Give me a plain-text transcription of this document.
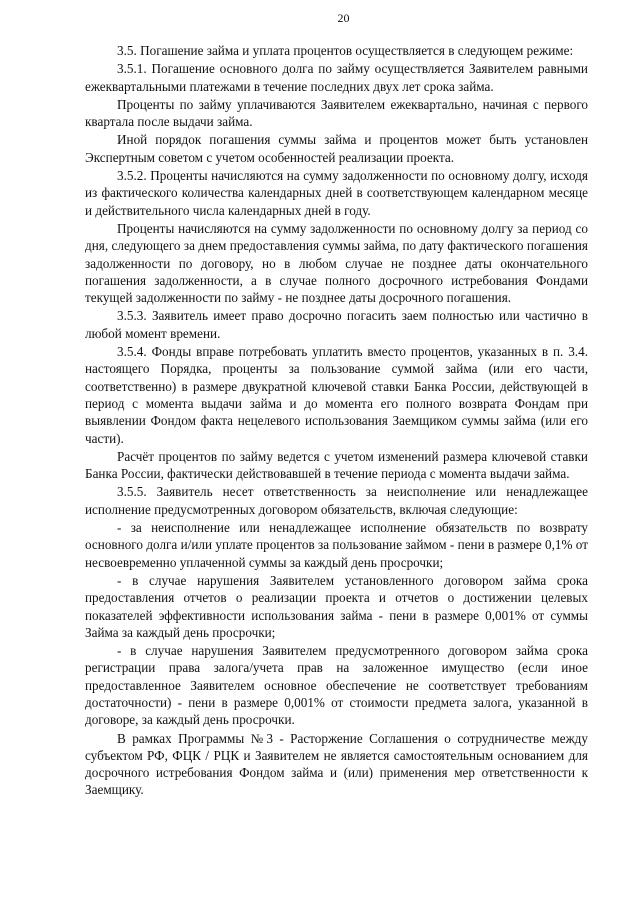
20

3.5. Погашение займа и уплата процентов осуществляется в следующем режиме:

3.5.1. Погашение основного долга по займу осуществляется Заявителем равными ежеквартальными платежами в течение последних двух лет срока займа.

Проценты по займу уплачиваются Заявителем ежеквартально, начиная с первого квартала после выдачи займа.

Иной порядок погашения суммы займа и процентов может быть установлен Экспертным советом с учетом особенностей реализации проекта.

3.5.2. Проценты начисляются на сумму задолженности по основному долгу, исходя из фактического количества календарных дней в соответствующем календарном месяце и действительного числа календарных дней в году.

Проценты начисляются на сумму задолженности по основному долгу за период со дня, следующего за днем предоставления суммы займа, по дату фактического погашения задолженности по договору, но в любом случае не позднее даты окончательного погашения задолженности, а в случае полного досрочного истребования Фондами текущей задолженности по займу - не позднее даты досрочного погашения.

3.5.3. Заявитель имеет право досрочно погасить заем полностью или частично в любой момент времени.

3.5.4. Фонды вправе потребовать уплатить вместо процентов, указанных в п. 3.4. настоящего Порядка, проценты за пользование суммой займа (или его части, соответственно) в размере двукратной ключевой ставки Банка России, действующей в период с момента выдачи займа и до момента его полного возврата Фондам при выявлении Фондом факта нецелевого использования Заемщиком суммы займа (или его части).

Расчёт процентов по займу ведется с учетом изменений размера ключевой ставки Банка России, фактически действовавшей в течение периода с момента выдачи займа.

3.5.5. Заявитель несет ответственность за неисполнение или ненадлежащее исполнение предусмотренных договором обязательств, включая следующие:

- за неисполнение или ненадлежащее исполнение обязательств по возврату основного долга и/или уплате процентов за пользование займом - пени в размере 0,1% от несвоевременно уплаченной суммы за каждый день просрочки;

- в случае нарушения Заявителем установленного договором займа срока предоставления отчетов о реализации проекта и отчетов о достижении целевых показателей эффективности использования займа - пени в размере 0,001% от суммы Займа за каждый день просрочки;

- в случае нарушения Заявителем предусмотренного договором займа срока регистрации права залога/учета прав на заложенное имущество (если иное предоставленное Заявителем основное обеспечение не соответствует требованиям достаточности) - пени в размере 0,001% от стоимости предмета залога, указанной в договоре, за каждый день просрочки.

В рамках Программы №3 - Расторжение Соглашения о сотрудничестве между субъектом РФ, ФЦК / РЦК и Заявителем не является самостоятельным основанием для досрочного истребования Фондом займа и (или) применения мер ответственности к Заемщику.
